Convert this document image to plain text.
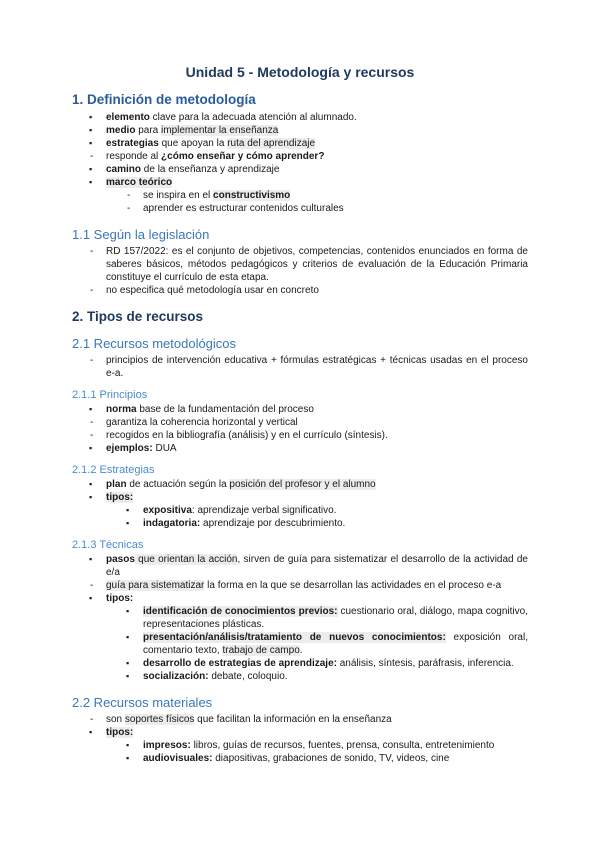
Unidad 5 - Metodología y recursos
1. Definición de metodología
▪ elemento clave para la adecuada atención al alumnado.
▪ medio para implementar la enseñanza
▪ estrategias que apoyan la ruta del aprendizaje
- responde al ¿cómo enseñar y cómo aprender?
▪ camino de la enseñanza y aprendizaje
▪ marco teórico
- se inspira en el constructivismo
- aprender es estructurar contenidos culturales
1.1 Según la legislación
- RD 157/2022: es el conjunto de objetivos, competencias, contenidos enunciados en forma de saberes básicos, métodos pedagógicos y criterios de evaluación de la Educación Primaria constituye el currículo de esta etapa.
- no especifica qué metodología usar en concreto
2. Tipos de recursos
2.1 Recursos metodológicos
- principios de intervención educativa + fórmulas estratégicas + técnicas usadas en el proceso e-a.
2.1.1 Principios
▪ norma base de la fundamentación del proceso
- garantiza la coherencia horizontal y vertical
- recogidos en la bibliografía (análisis) y en el currículo (síntesis).
▪ ejemplos: DUA
2.1.2 Estrategias
▪ plan de actuación según la posición del profesor y el alumno
▪ tipos:
▪ expositiva: aprendizaje verbal significativo.
▪ indagatoria: aprendizaje por descubrimiento.
2.1.3 Técnicas
▪ pasos que orientan la acción, sirven de guía para sistematizar el desarrollo de la actividad de e/a
- guía para sistematizar la forma en la que se desarrollan las actividades en el proceso e-a
▪ tipos:
▪ identificación de conocimientos previos: cuestionario oral, diálogo, mapa cognitivo, representaciones plásticas.
▪ presentación/análisis/tratamiento de nuevos conocimientos: exposición oral, comentario texto, trabajo de campo.
▪ desarrollo de estrategias de aprendizaje: análisis, síntesis, paráfrasis, inferencia.
▪ socialización: debate, coloquio.
2.2 Recursos materiales
- son soportes físicos que facilitan la información en la enseñanza
▪ tipos:
▪ impresos: libros, guías de recursos, fuentes, prensa, consulta, entretenimiento
▪ audiovisuales: diapositivas, grabaciones de sonido, TV, videos, cine
